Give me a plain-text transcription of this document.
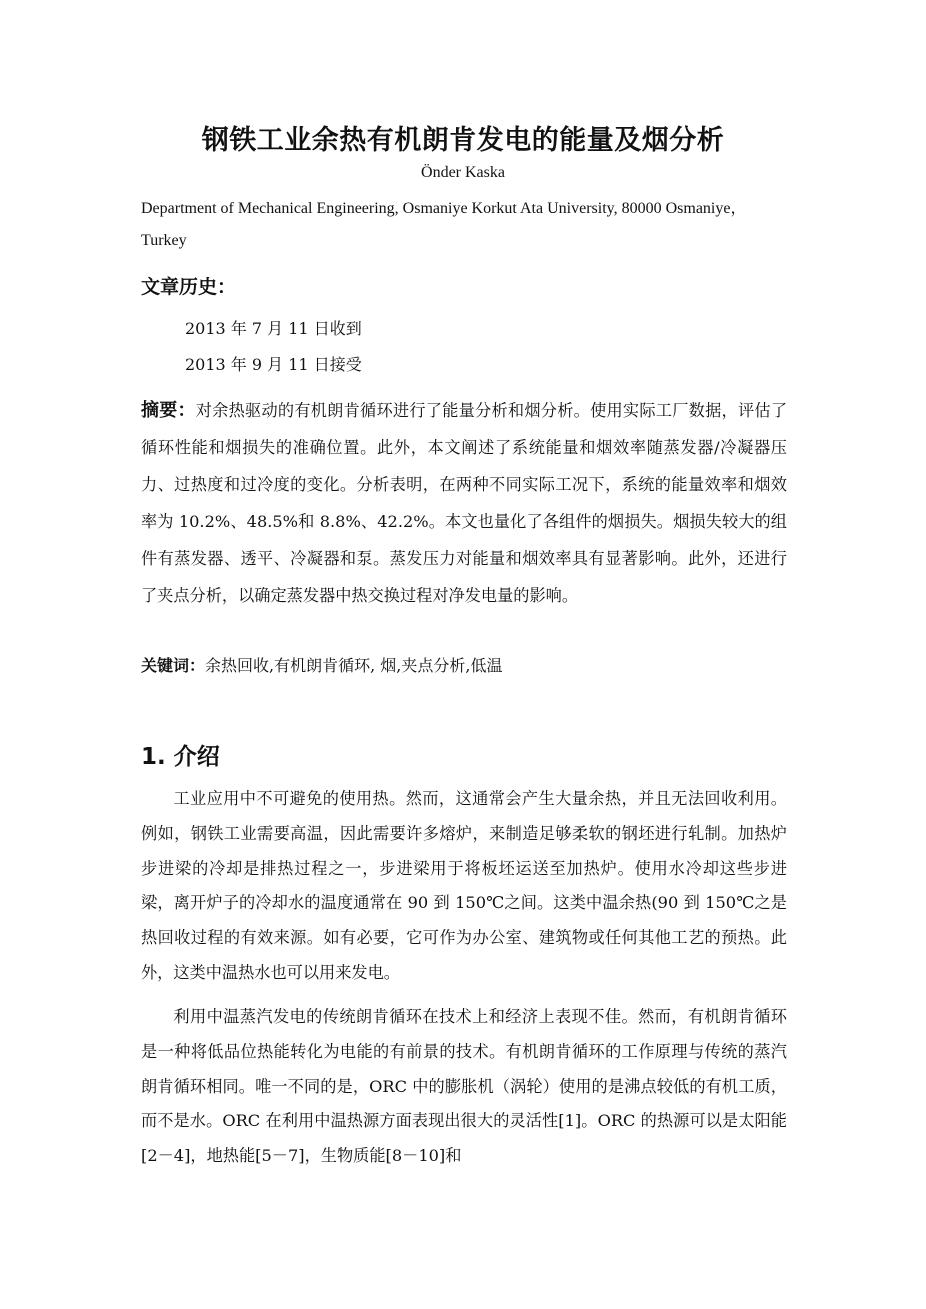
钢铁工业余热有机朗肯发电的能量及烟分析
Önder Kaska
Department of Mechanical Engineering, Osmaniye Korkut Ata University, 80000 Osmaniye，
Turkey
文章历史：
2013 年 7 月 11 日收到
2013 年 9 月 11 日接受
摘要：对余热驱动的有机朗肯循环进行了能量分析和烟分析。使用实际工厂数据，评估了循环性能和烟损失的准确位置。此外，本文阐述了系统能量和烟效率随蒸发器/冷凝器压力、过热度和过冷度的变化。分析表明，在两种不同实际工况下，系统的能量效率和烟效率为 10.2%、48.5%和 8.8%、42.2%。本文也量化了各组件的烟损失。烟损失较大的组件有蒸发器、透平、冷凝器和泵。蒸发压力对能量和烟效率具有显著影响。此外，还进行了夹点分析，以确定蒸发器中热交换过程对净发电量的影响。
关键词：余热回收,有机朗肯循环, 烟,夹点分析,低温
1. 介绍
工业应用中不可避免的使用热。然而，这通常会产生大量余热，并且无法回收利用。例如，钢铁工业需要高温，因此需要许多熔炉，来制造足够柔软的钢坯进行轧制。加热炉步进梁的冷却是排热过程之一，步进梁用于将板坯运送至加热炉。使用水冷却这些步进梁，离开炉子的冷却水的温度通常在 90 到 150℃之间。这类中温余热(90 到 150℃之是热回收过程的有效来源。如有必要，它可作为办公室、建筑物或任何其他工艺的预热。此外，这类中温热水也可以用来发电。
利用中温蒸汽发电的传统朗肯循环在技术上和经济上表现不佳。然而，有机朗肯循环是一种将低品位热能转化为电能的有前景的技术。有机朗肯循环的工作原理与传统的蒸汽朗肯循环相同。唯一不同的是，ORC 中的膨胀机（涡轮）使用的是沸点较低的有机工质，而不是水。ORC 在利用中温热源方面表现出很大的灵活性[1]。ORC 的热源可以是太阳能[2－4]，地热能[5－7]，生物质能[8－10]和
